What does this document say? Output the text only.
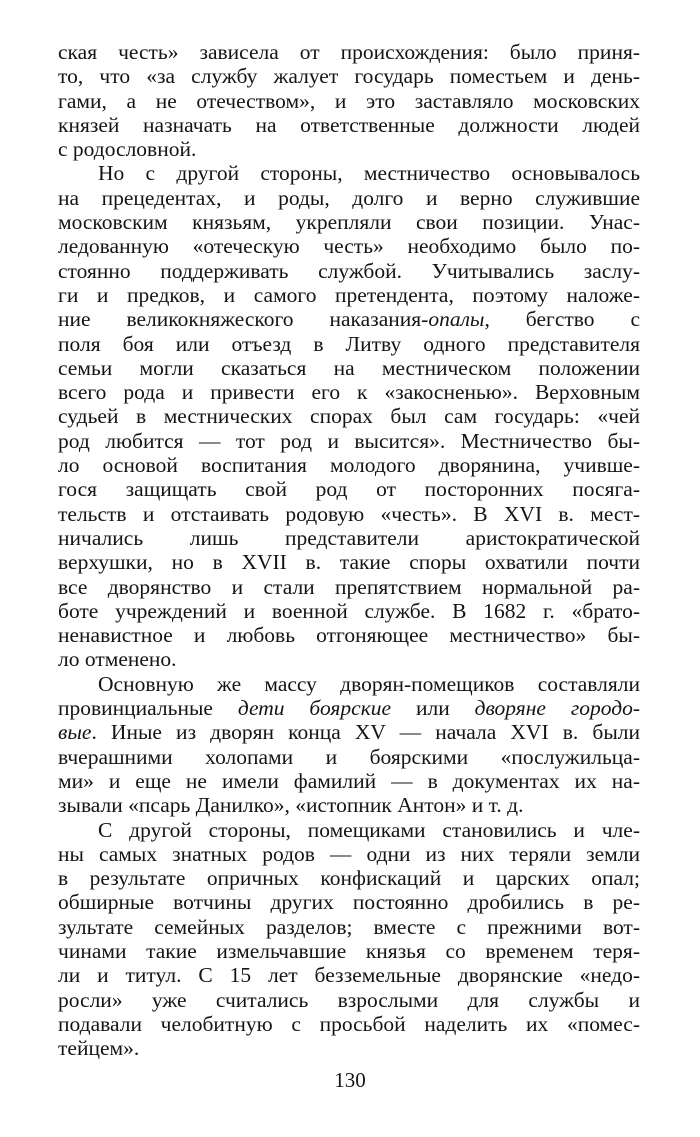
ская честь» зависела от происхождения: было приня-
то, что «за службу жалует государь поместьем и день-
гами, а не отечеством», и это заставляло московских
князей назначать на ответственные должности людей
с родословной.
Но с другой стороны, местничество основывалось
на прецедентах, и роды, долго и верно служившие
московским князьям, укрепляли свои позиции. Унас-
ледованную «отеческую честь» необходимо было по-
стоянно поддерживать службой. Учитывались заслу-
ги и предков, и самого претендента, поэтому наложе-
ние великокняжеского наказания-опалы, бегство с
поля боя или отъезд в Литву одного представителя
семьи могли сказаться на местническом положении
всего рода и привести его к «закосненью». Верховным
судьей в местнических спорах был сам государь: «чей
род любится — тот род и высится». Местничество бы-
ло основой воспитания молодого дворянина, учивше-
гося защищать свой род от посторонних посяга-
тельств и отстаивать родовую «честь». В XVI в. мест-
ничались лишь представители аристократической
верхушки, но в XVII в. такие споры охватили почти
все дворянство и стали препятствием нормальной ра-
боте учреждений и военной службе. В 1682 г. «брато-
ненавистное и любовь отгоняющее местничество» бы-
ло отменено.
Основную же массу дворян-помещиков составляли
провинциальные дети боярские или дворяне городо-
вые. Иные из дворян конца XV — начала XVI в. были
вчерашними холопами и боярскими «послужильца-
ми» и еще не имели фамилий — в документах их на-
зывали «псарь Данилко», «истопник Антон» и т. д.
С другой стороны, помещиками становились и чле-
ны самых знатных родов — одни из них теряли земли
в результате опричных конфискаций и царских опал;
обширные вотчины других постоянно дробились в ре-
зультате семейных разделов; вместе с прежними вот-
чинами такие измельчавшие князья со временем теря-
ли и титул. С 15 лет безземельные дворянские «недо-
росли» уже считались взрослыми для службы и
подавали челобитную с просьбой наделить их «помес-
тейцем».
130
